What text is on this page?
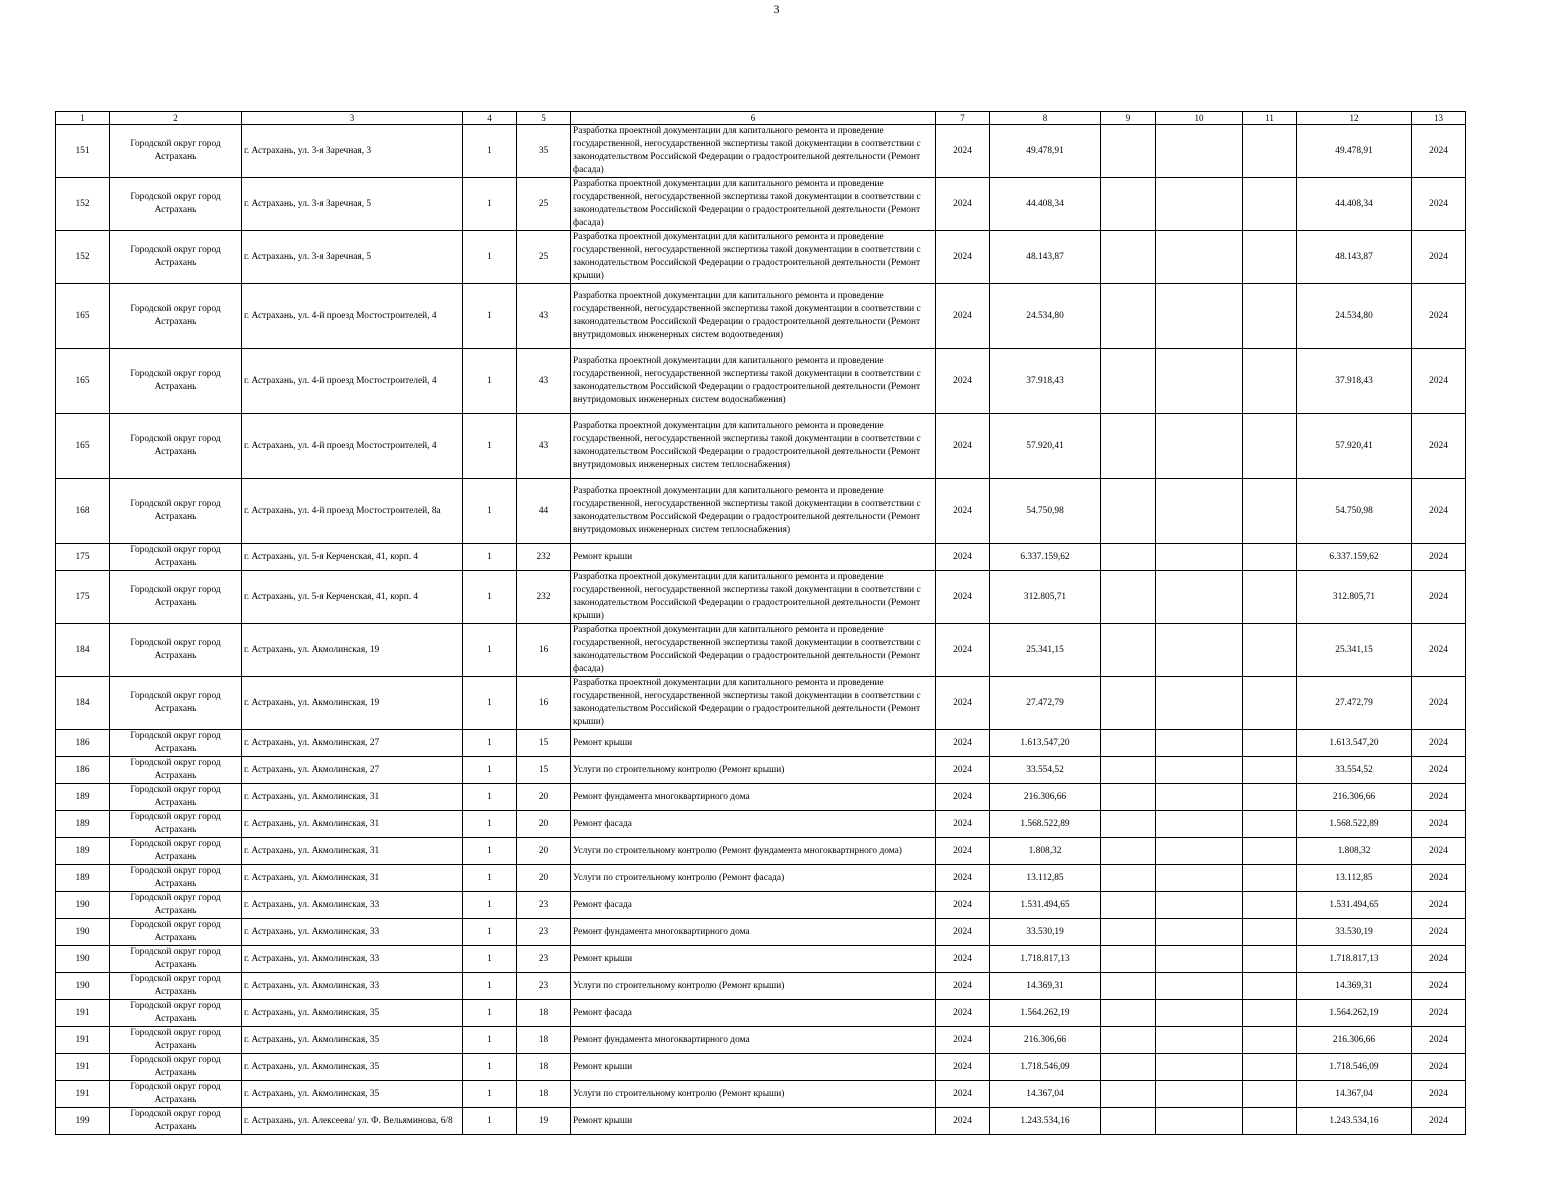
3
1	2	3	4	5	6	7	8	9	10	11	12	13
151	Городской округ город Астрахань	г. Астрахань, ул. 3-я Заречная, 3	1	35	Разработка проектной документации для капитального ремонта и проведение государственной, негосударственной экспертизы такой документации в соответствии с законодательством Российской Федерации о градостроительной деятельности (Ремонт фасада)	2024	49.478,91				49.478,91	2024
152	Городской округ город Астрахань	г. Астрахань, ул. 3-я Заречная, 5	1	25	Разработка проектной документации для капитального ремонта и проведение государственной, негосударственной экспертизы такой документации в соответствии с законодательством Российской Федерации о градостроительной деятельности (Ремонт фасада)	2024	44.408,34				44.408,34	2024
152	Городской округ город Астрахань	г. Астрахань, ул. 3-я Заречная, 5	1	25	Разработка проектной документации для капитального ремонта и проведение государственной, негосударственной экспертизы такой документации в соответствии с законодательством Российской Федерации о градостроительной деятельности (Ремонт крыши)	2024	48.143,87				48.143,87	2024
165	Городской округ город Астрахань	г. Астрахань, ул. 4-й проезд Мостостроителей, 4	1	43	Разработка проектной документации для капитального ремонта и проведение государственной, негосударственной экспертизы такой документации в соответствии с законодательством Российской Федерации о градостроительной деятельности (Ремонт внутридомовых инженерных систем водоотведения)	2024	24.534,80				24.534,80	2024
165	Городской округ город Астрахань	г. Астрахань, ул. 4-й проезд Мостостроителей, 4	1	43	Разработка проектной документации для капитального ремонта и проведение государственной, негосударственной экспертизы такой документации в соответствии с законодательством Российской Федерации о градостроительной деятельности (Ремонт внутридомовых инженерных систем водоснабжения)	2024	37.918,43				37.918,43	2024
165	Городской округ город Астрахань	г. Астрахань, ул. 4-й проезд Мостостроителей, 4	1	43	Разработка проектной документации для капитального ремонта и проведение государственной, негосударственной экспертизы такой документации в соответствии с законодательством Российской Федерации о градостроительной деятельности (Ремонт внутридомовых инженерных систем теплоснабжения)	2024	57.920,41				57.920,41	2024
168	Городской округ город Астрахань	г. Астрахань, ул. 4-й проезд Мостостроителей, 8а	1	44	Разработка проектной документации для капитального ремонта и проведение государственной, негосударственной экспертизы такой документации в соответствии с законодательством Российской Федерации о градостроительной деятельности (Ремонт внутридомовых инженерных систем теплоснабжения)	2024	54.750,98				54.750,98	2024
175	Городской округ город Астрахань	г. Астрахань, ул. 5-я Керченская, 41, корп. 4	1	232	Ремонт крыши	2024	6.337.159,62				6.337.159,62	2024
175	Городской округ город Астрахань	г. Астрахань, ул. 5-я Керченская, 41, корп. 4	1	232	Разработка проектной документации для капитального ремонта и проведение государственной, негосударственной экспертизы такой документации в соответствии с законодательством Российской Федерации о градостроительной деятельности (Ремонт крыши)	2024	312.805,71				312.805,71	2024
184	Городской округ город Астрахань	г. Астрахань, ул. Акмолинская, 19	1	16	Разработка проектной документации для капитального ремонта и проведение государственной, негосударственной экспертизы такой документации в соответствии с законодательством Российской Федерации о градостроительной деятельности (Ремонт фасада)	2024	25.341,15				25.341,15	2024
184	Городской округ город Астрахань	г. Астрахань, ул. Акмолинская, 19	1	16	Разработка проектной документации для капитального ремонта и проведение государственной, негосударственной экспертизы такой документации в соответствии с законодательством Российской Федерации о градостроительной деятельности (Ремонт крыши)	2024	27.472,79				27.472,79	2024
186	Городской округ город Астрахань	г. Астрахань, ул. Акмолинская, 27	1	15	Ремонт крыши	2024	1.613.547,20				1.613.547,20	2024
186	Городской округ город Астрахань	г. Астрахань, ул. Акмолинская, 27	1	15	Услуги по строительному контролю (Ремонт крыши)	2024	33.554,52				33.554,52	2024
189	Городской округ город Астрахань	г. Астрахань, ул. Акмолинская, 31	1	20	Ремонт фундамента многоквартирного дома	2024	216.306,66				216.306,66	2024
189	Городской округ город Астрахань	г. Астрахань, ул. Акмолинская, 31	1	20	Ремонт фасада	2024	1.568.522,89				1.568.522,89	2024
189	Городской округ город Астрахань	г. Астрахань, ул. Акмолинская, 31	1	20	Услуги по строительному контролю (Ремонт фундамента многоквартирного дома)	2024	1.808,32				1.808,32	2024
189	Городской округ город Астрахань	г. Астрахань, ул. Акмолинская, 31	1	20	Услуги по строительному контролю (Ремонт фасада)	2024	13.112,85				13.112,85	2024
190	Городской округ город Астрахань	г. Астрахань, ул. Акмолинская, 33	1	23	Ремонт фасада	2024	1.531.494,65				1.531.494,65	2024
190	Городской округ город Астрахань	г. Астрахань, ул. Акмолинская, 33	1	23	Ремонт фундамента многоквартирного дома	2024	33.530,19				33.530,19	2024
190	Городской округ город Астрахань	г. Астрахань, ул. Акмолинская, 33	1	23	Ремонт крыши	2024	1.718.817,13				1.718.817,13	2024
190	Городской округ город Астрахань	г. Астрахань, ул. Акмолинская, 33	1	23	Услуги по строительному контролю (Ремонт крыши)	2024	14.369,31				14.369,31	2024
191	Городской округ город Астрахань	г. Астрахань, ул. Акмолинская, 35	1	18	Ремонт фасада	2024	1.564.262,19				1.564.262,19	2024
191	Городской округ город Астрахань	г. Астрахань, ул. Акмолинская, 35	1	18	Ремонт фундамента многоквартирного дома	2024	216.306,66				216.306,66	2024
191	Городской округ город Астрахань	г. Астрахань, ул. Акмолинская, 35	1	18	Ремонт крыши	2024	1.718.546,09				1.718.546,09	2024
191	Городской округ город Астрахань	г. Астрахань, ул. Акмолинская, 35	1	18	Услуги по строительному контролю (Ремонт крыши)	2024	14.367,04				14.367,04	2024
199	Городской округ город Астрахань	г. Астрахань, ул. Алексеева/ ул. Ф. Вельяминова, 6/8	1	19	Ремонт крыши	2024	1.243.534,16				1.243.534,16	2024
